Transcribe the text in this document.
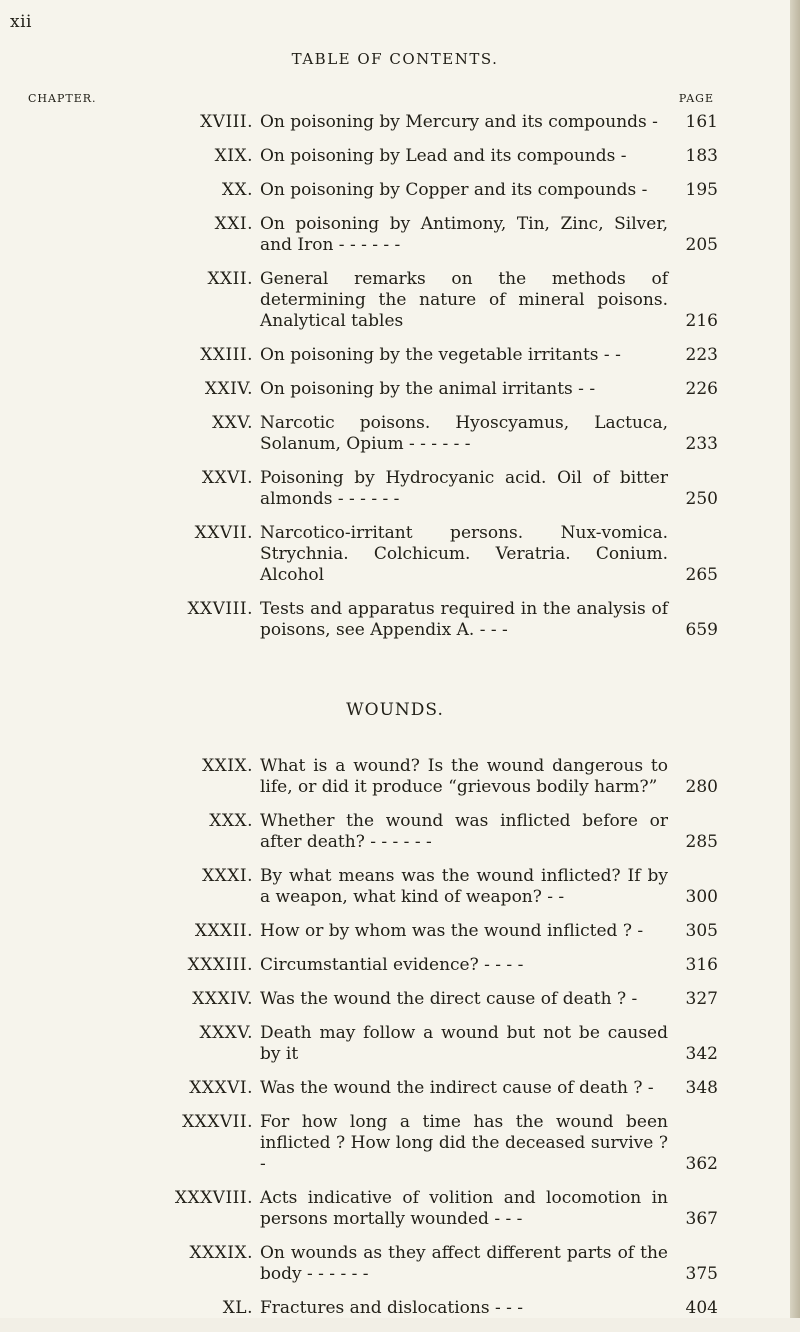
xii
TABLE OF CONTENTS.
CHAPTER.	PAGE
XVIII. On poisoning by Mercury and its compounds -	161
XIX. On poisoning by Lead and its compounds -	183
XX. On poisoning by Copper and its compounds -	195
XXI. On poisoning by Antimony, Tin, Zinc, Silver, and Iron - - - - - -	205
XXII. General remarks on the methods of determining the nature of mineral poisons. Analytical tables	216
XXIII. On poisoning by the vegetable irritants - -	223
XXIV. On poisoning by the animal irritants - -	226
XXV. Narcotic poisons. Hyoscyamus, Lactuca, Solanum, Opium - - - - - -	233
XXVI. Poisoning by Hydrocyanic acid. Oil of bitter almonds - - - - - -	250
XXVII. Narcotico-irritant persons. Nux-vomica. Strychnia. Colchicum. Veratria. Conium. Alcohol	265
XXVIII. Tests and apparatus required in the analysis of poisons, see Appendix A. - - -	659
WOUNDS.
XXIX. What is a wound? Is the wound dangerous to life, or did it produce “grievous bodily harm?”	280
XXX. Whether the wound was inflicted before or after death? - - - - - -	285
XXXI. By what means was the wound inflicted? If by a weapon, what kind of weapon? - -	300
XXXII. How or by whom was the wound inflicted ? -	305
XXXIII. Circumstantial evidence? - - - -	316
XXXIV. Was the wound the direct cause of death ? -	327
XXXV. Death may follow a wound but not be caused by it	342
XXXVI. Was the wound the indirect cause of death ? -	348
XXXVII. For how long a time has the wound been inflicted ? How long did the deceased survive ? -	362
XXXVIII. Acts indicative of volition and locomotion in persons mortally wounded - - -	367
XXXIX. On wounds as they affect different parts of the body - - - - - -	375
XL. Fractures and dislocations - - -	404
